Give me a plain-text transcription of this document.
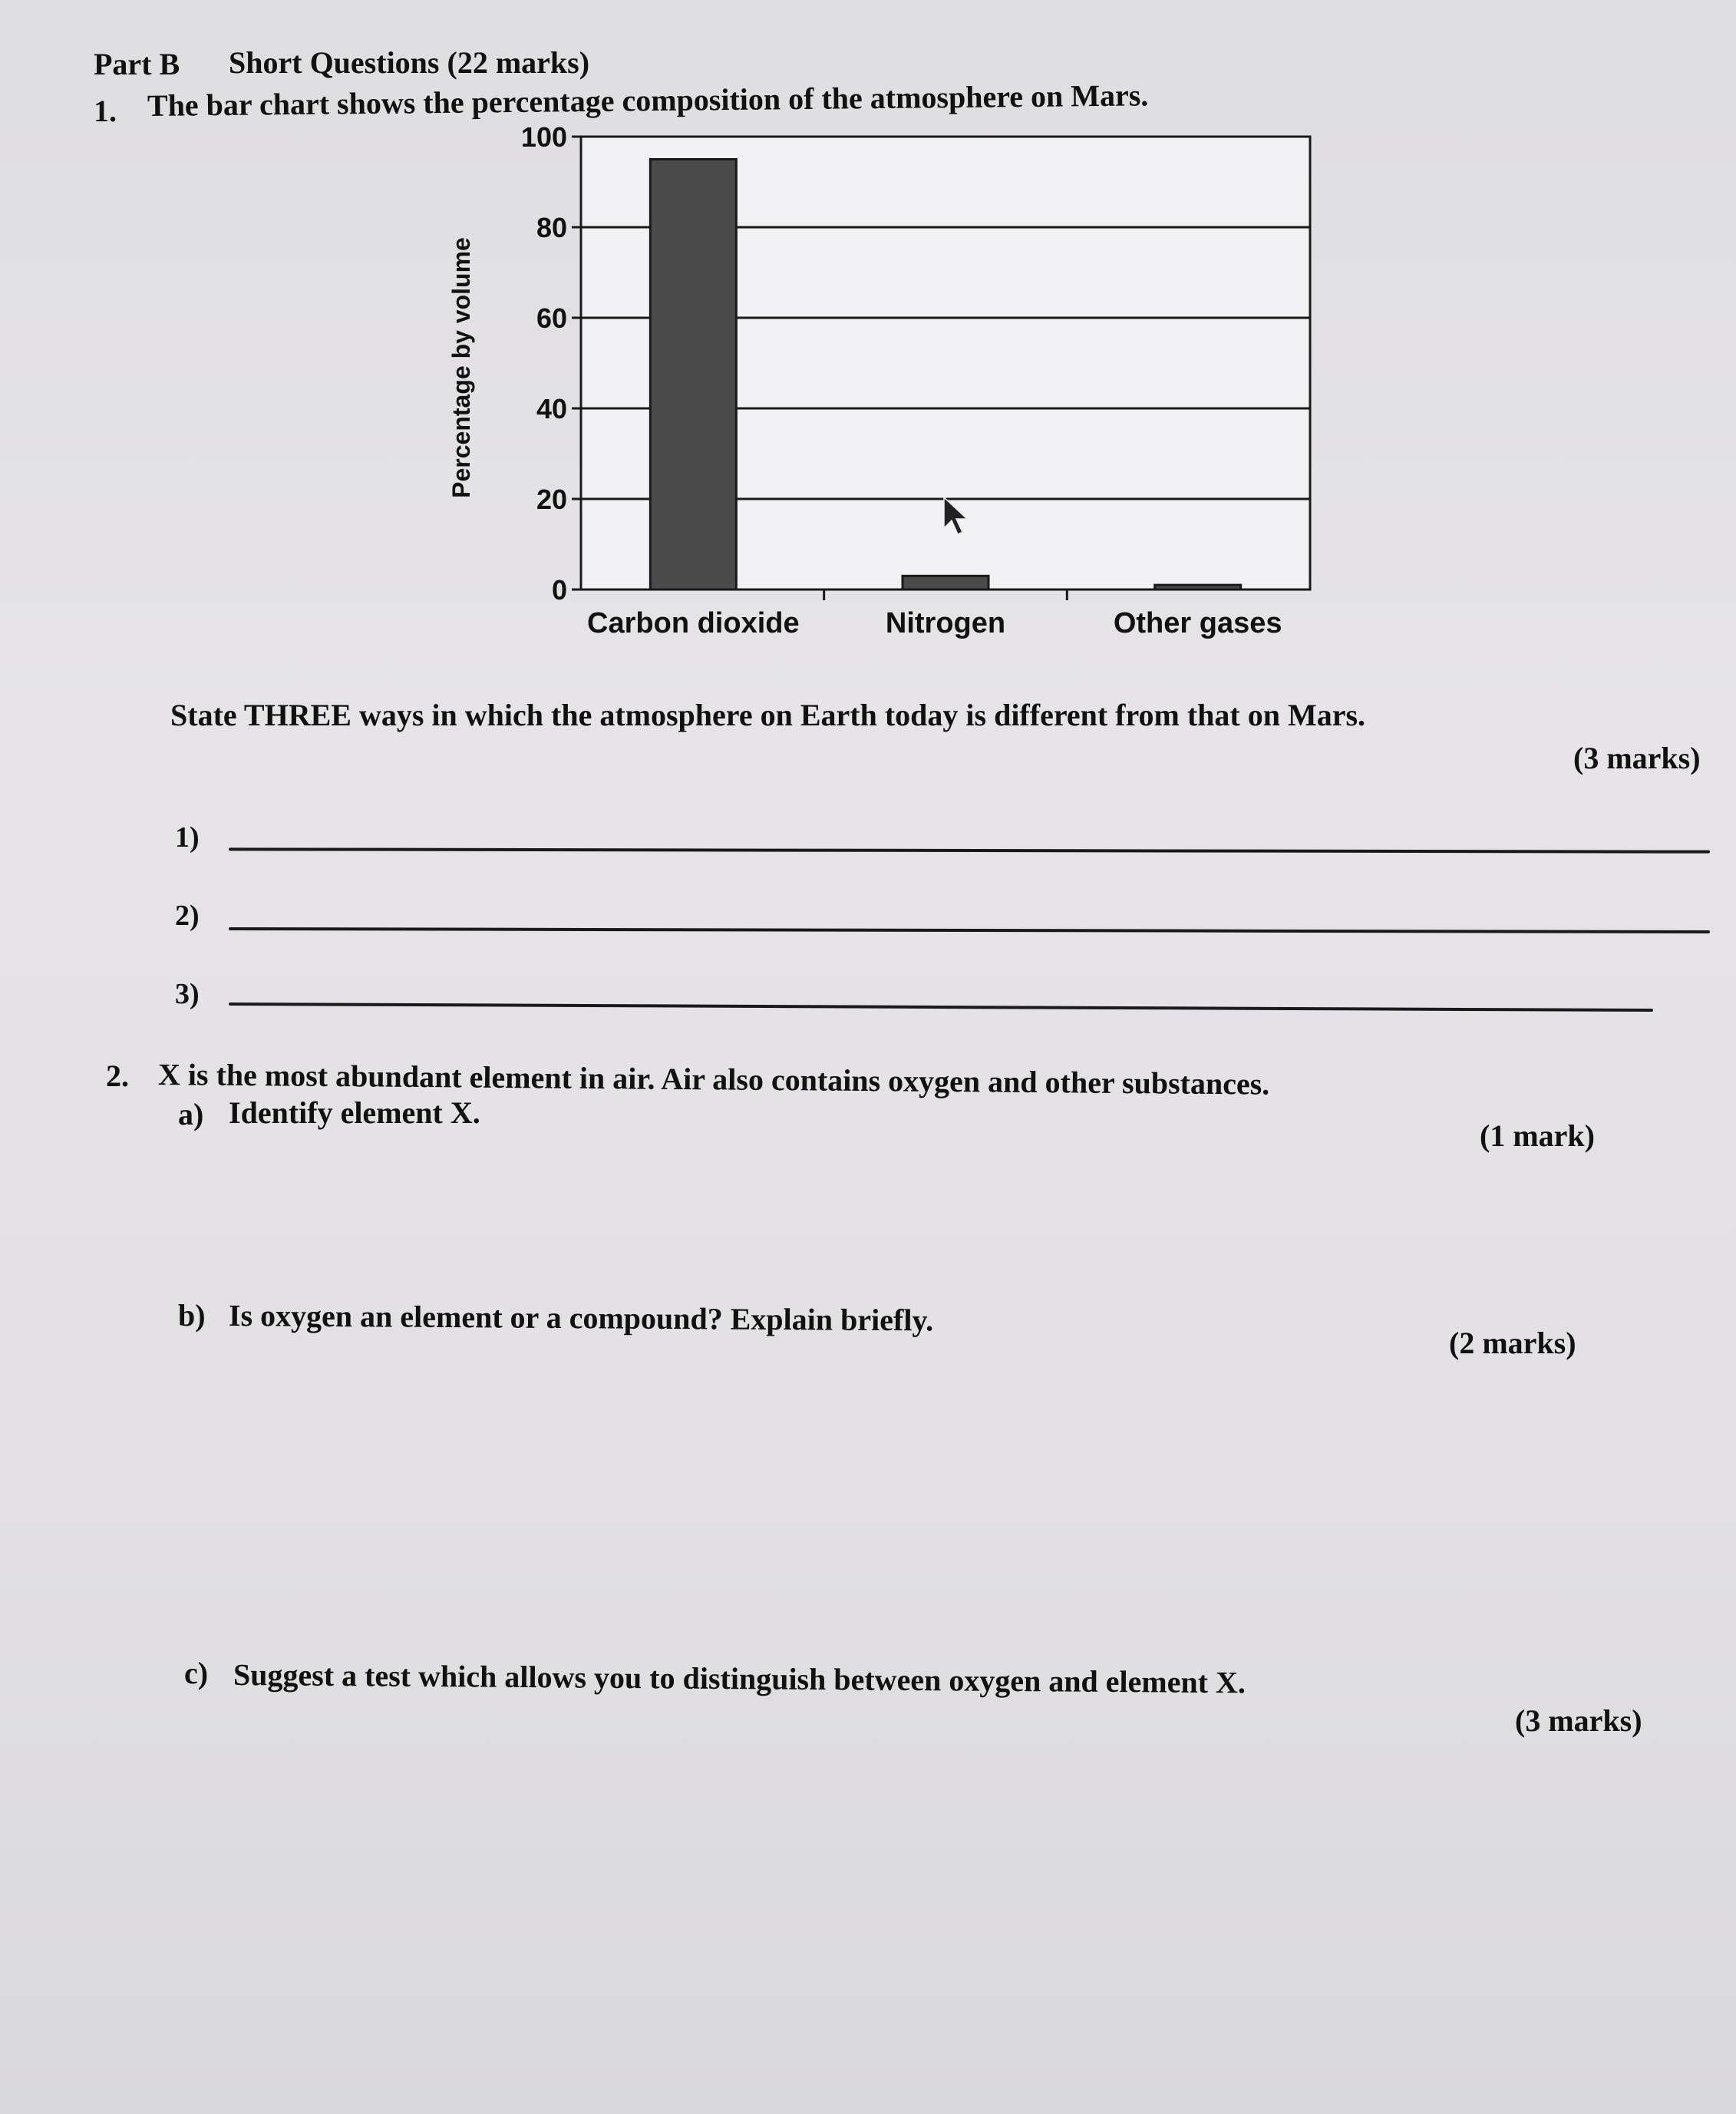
Part B Short Questions (22 marks)
1. The bar chart shows the percentage composition of the atmosphere on Mars.
0
20
40
60
80
100
Percentage by volume
Carbon dioxide	Nitrogen	Other gases
State THREE ways in which the atmosphere on Earth today is different from that on Mars.
(3 marks)
1)
2)
3)
2. X is the most abundant element in air. Air also contains oxygen and other substances.
a) Identify element X.
(1 mark)
b) Is oxygen an element or a compound? Explain briefly.
(2 marks)
c) Suggest a test which allows you to distinguish between oxygen and element X.
(3 marks)
